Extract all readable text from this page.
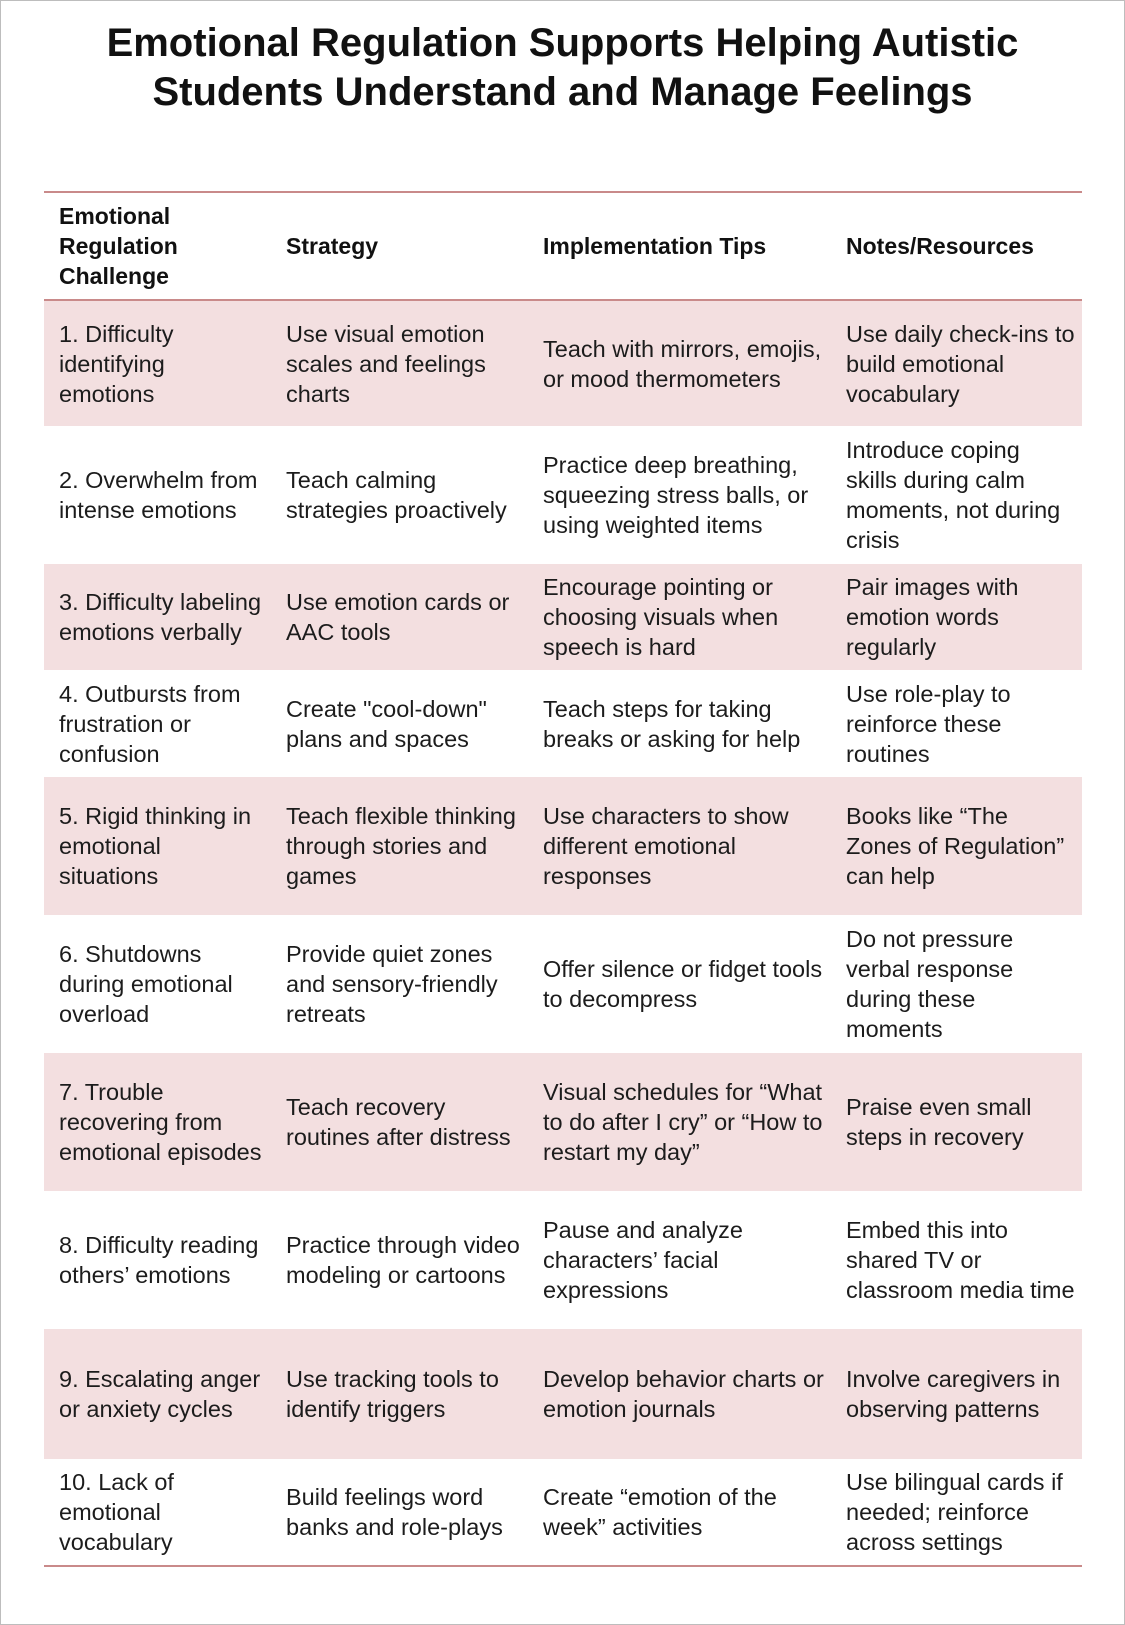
Emotional Regulation Supports Helping Autistic Students Understand and Manage Feelings
Emotional Regulation Challenge	Strategy	Implementation Tips	Notes/Resources
1. Difficulty identifying emotions	Use visual emotion scales and feelings charts	Teach with mirrors, emojis, or mood thermometers	Use daily check-ins to build emotional vocabulary
2. Overwhelm from intense emotions	Teach calming strategies proactively	Practice deep breathing, squeezing stress balls, or using weighted items	Introduce coping skills during calm moments, not during crisis
3. Difficulty labeling emotions verbally	Use emotion cards or AAC tools	Encourage pointing or choosing visuals when speech is hard	Pair images with emotion words regularly
4. Outbursts from frustration or confusion	Create "cool-down" plans and spaces	Teach steps for taking breaks or asking for help	Use role-play to reinforce these routines
5. Rigid thinking in emotional situations	Teach flexible thinking through stories and games	Use characters to show different emotional responses	Books like “The Zones of Regulation” can help
6. Shutdowns during emotional overload	Provide quiet zones and sensory-friendly retreats	Offer silence or fidget tools to decompress	Do not pressure verbal response during these moments
7. Trouble recovering from emotional episodes	Teach recovery routines after distress	Visual schedules for “What to do after I cry” or “How to restart my day”	Praise even small steps in recovery
8. Difficulty reading others’ emotions	Practice through video modeling or cartoons	Pause and analyze characters’ facial expressions	Embed this into shared TV or classroom media time
9. Escalating anger or anxiety cycles	Use tracking tools to identify triggers	Develop behavior charts or emotion journals	Involve caregivers in observing patterns
10. Lack of emotional vocabulary	Build feelings word banks and role-plays	Create “emotion of the week” activities	Use bilingual cards if needed; reinforce across settings
